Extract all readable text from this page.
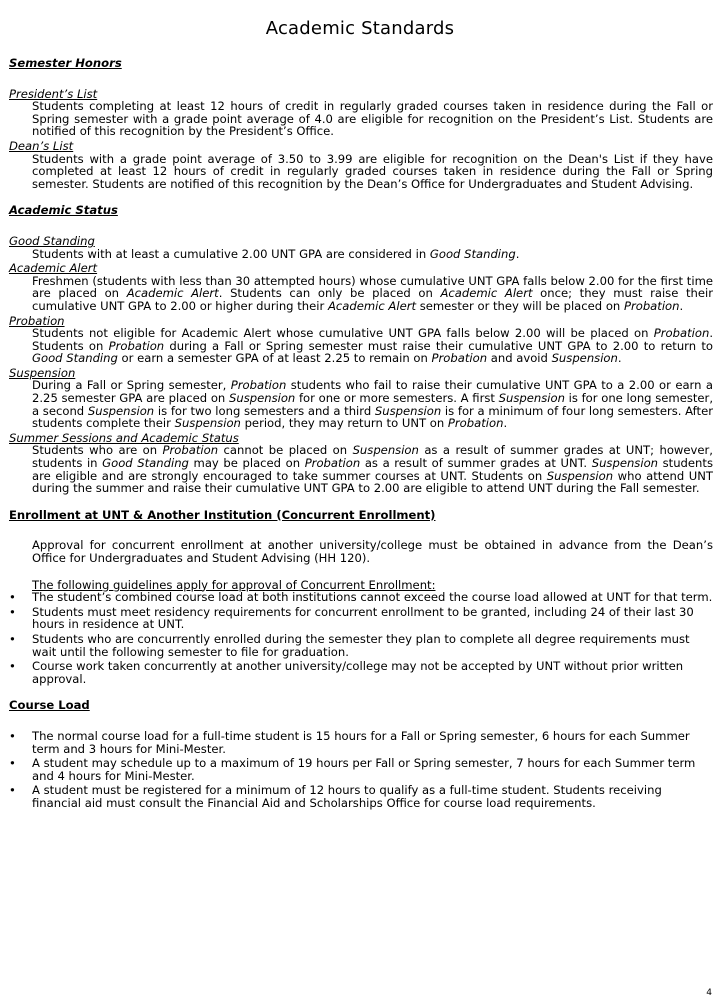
Academic Standards
Semester Honors
President’s List
Students completing at least 12 hours of credit in regularly graded courses taken in residence during the Fall or Spring semester with a grade point average of 4.0 are eligible for recognition on the President’s List. Students are notified of this recognition by the President’s Office.
Dean’s List
Students with a grade point average of 3.50 to 3.99 are eligible for recognition on the Dean's List if they have completed at least 12 hours of credit in regularly graded courses taken in residence during the Fall or Spring semester. Students are notified of this recognition by the Dean’s Office for Undergraduates and Student Advising.
Academic Status
Good Standing
Students with at least a cumulative 2.00 UNT GPA are considered in Good Standing.
Academic Alert
Freshmen (students with less than 30 attempted hours) whose cumulative UNT GPA falls below 2.00 for the first time are placed on Academic Alert. Students can only be placed on Academic Alert once; they must raise their cumulative UNT GPA to 2.00 or higher during their Academic Alert semester or they will be placed on Probation.
Probation
Students not eligible for Academic Alert whose cumulative UNT GPA falls below 2.00 will be placed on Probation. Students on Probation during a Fall or Spring semester must raise their cumulative UNT GPA to 2.00 to return to Good Standing or earn a semester GPA of at least 2.25 to remain on Probation and avoid Suspension.
Suspension
During a Fall or Spring semester, Probation students who fail to raise their cumulative UNT GPA to a 2.00 or earn a 2.25 semester GPA are placed on Suspension for one or more semesters. A first Suspension is for one long semester, a second Suspension is for two long semesters and a third Suspension is for a minimum of four long semesters. After students complete their Suspension period, they may return to UNT on Probation.
Summer Sessions and Academic Status
Students who are on Probation cannot be placed on Suspension as a result of summer grades at UNT; however, students in Good Standing may be placed on Probation as a result of summer grades at UNT. Suspension students are eligible and are strongly encouraged to take summer courses at UNT. Students on Suspension who attend UNT during the summer and raise their cumulative UNT GPA to 2.00 are eligible to attend UNT during the Fall semester.
Enrollment at UNT & Another Institution (Concurrent Enrollment)
Approval for concurrent enrollment at another university/college must be obtained in advance from the Dean’s Office for Undergraduates and Student Advising (HH 120).
The following guidelines apply for approval of Concurrent Enrollment:
• The student’s combined course load at both institutions cannot exceed the course load allowed at UNT for that term.
• Students must meet residency requirements for concurrent enrollment to be granted, including 24 of their last 30 hours in residence at UNT.
• Students who are concurrently enrolled during the semester they plan to complete all degree requirements must wait until the following semester to file for graduation.
• Course work taken concurrently at another university/college may not be accepted by UNT without prior written approval.
Course Load
• The normal course load for a full-time student is 15 hours for a Fall or Spring semester, 6 hours for each Summer term and 3 hours for Mini-Mester.
• A student may schedule up to a maximum of 19 hours per Fall or Spring semester, 7 hours for each Summer term and 4 hours for Mini-Mester.
• A student must be registered for a minimum of 12 hours to qualify as a full-time student. Students receiving financial aid must consult the Financial Aid and Scholarships Office for course load requirements.
4
